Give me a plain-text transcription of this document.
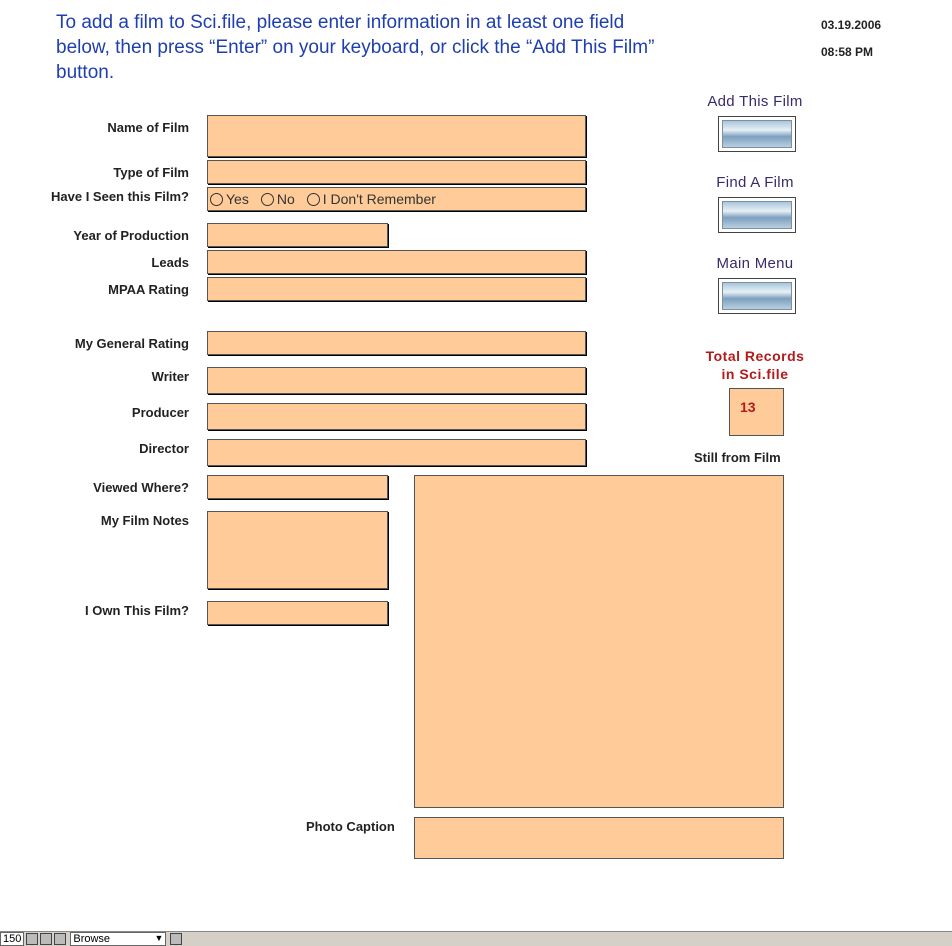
To add a film to Sci.file, please enter information in at least one field below, then press “Enter” on your keyboard, or click the “Add This Film” button.
03.19.2006
08:58 PM
Name of Film
Type of Film
Have I Seen this Film?
Year of Production
Leads
MPAA Rating
My General Rating
Writer
Producer
Director
Viewed Where?
My Film Notes
I Own This Film?
Yes No I Don't Remember
Still from Film
Photo Caption
Add This Film
Find A Film
Main Menu
Total Records
in Sci.file
13
150	Browse	▼
